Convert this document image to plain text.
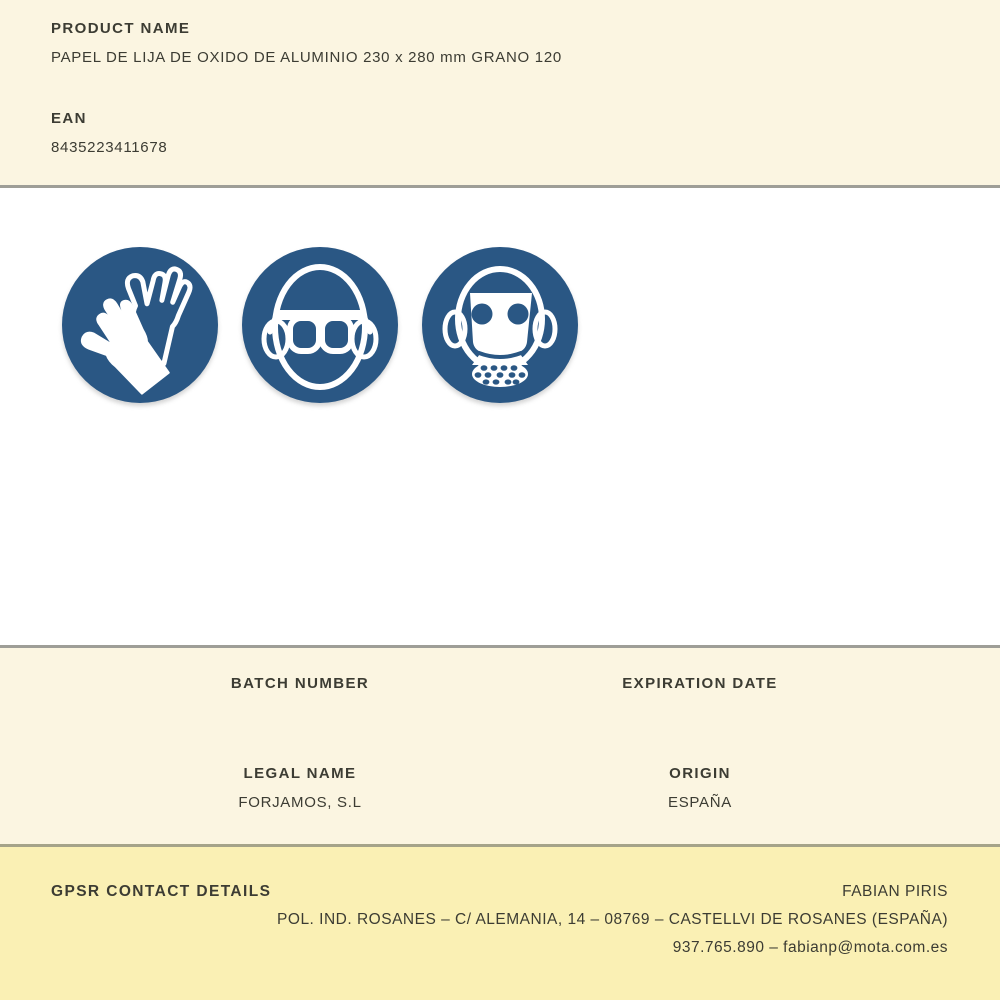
PRODUCT NAME
PAPEL DE LIJA DE OXIDO DE ALUMINIO 230 x 280 mm GRANO 120
EAN
8435223411678
BATCH NUMBER	EXPIRATION DATE
LEGAL NAME
FORJAMOS, S.L
ORIGIN
ESPAÑA
GPSR CONTACT DETAILS	FABIAN PIRIS
POL. IND. ROSANES – C/ ALEMANIA, 14 – 08769 – CASTELLVI DE ROSANES (ESPAÑA)
937.765.890 – fabianp@mota.com.es
